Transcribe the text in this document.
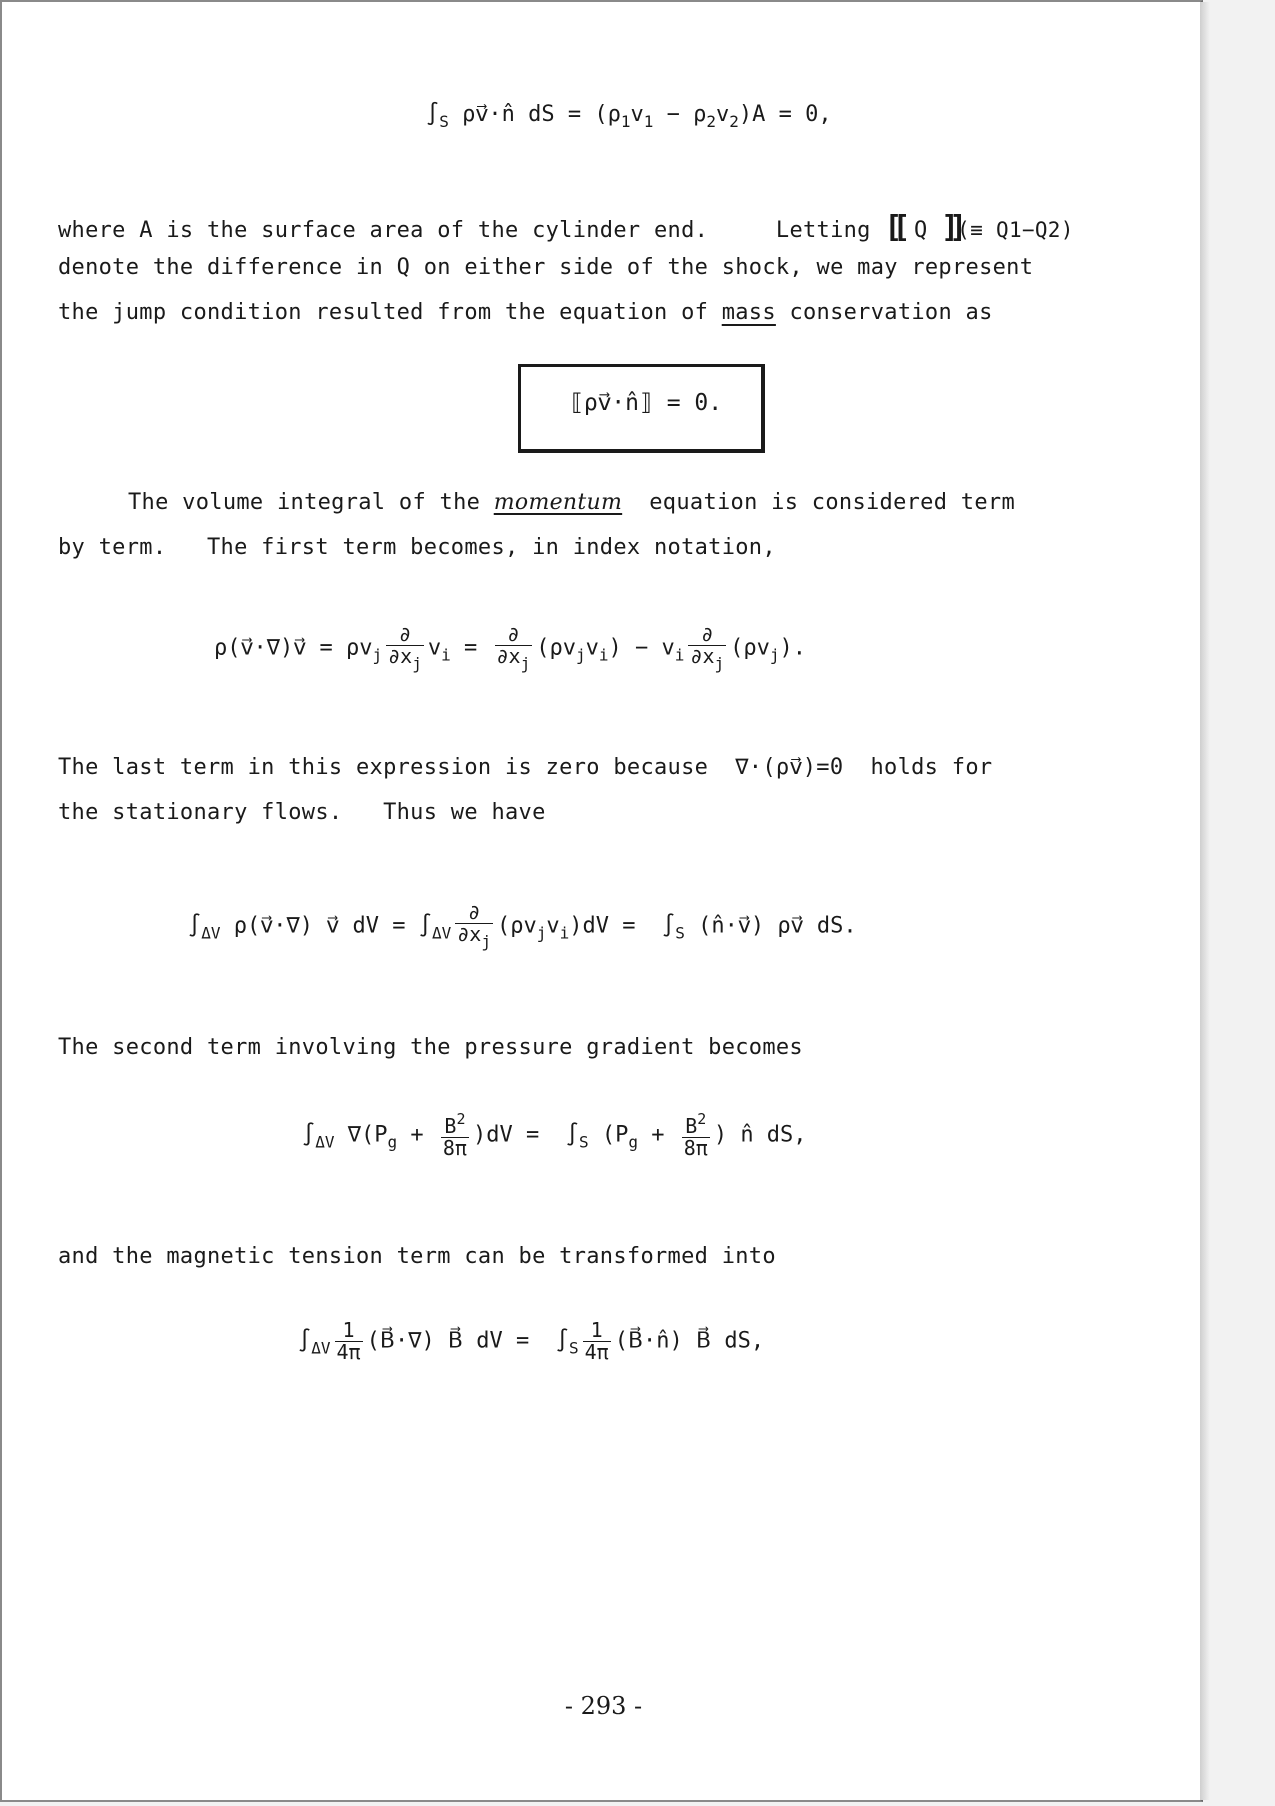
$\int_S$ ρv⃗·n̂ dS = $(\rho_1v_1 - \rho_2v_2)A = 0$,
where A is the surface area of the cylinder end.	Letting [[ Q ]](≡ Q1−Q2)
denote the difference in Q on either side of the shock, we may represent
the jump condition resulted from the equation of mass conservation as
⟦ρv⃗·n̂⟧ = 0.
The volume integral of the momentum equation is considered term
by term.   The first term becomes, in index notation,
ρ(v⃗·∇)v⃗ = $\rho v_j \frac{\partial}{\partial x_j} v_i = \frac{\partial}{\partial x_j} (\rho v_jv_i) - v_i \frac{\partial}{\partial x_j} (\rho v_j)$.
The last term in this expression is zero because ∇·(ρv⃗)=0 holds for
the stationary flows.   Thus we have
$\int_{\Delta V}$ ρ(v⃗·∇) v⃗ dV = $\int_{\Delta V} \frac{\partial}{\partial x_j} (\rho v_jv_i)dV = \int_S$ (n̂·v⃗) ρv⃗ dS.
The second term involving the pressure gradient becomes
$\int_{\Delta V}$ $\nabla(P_g + \frac{B^2}{8\pi} )dV = \int_S$ ($P_g + \frac{B^2}{8\pi}$ ) n̂ dS,
and the magnetic tension term can be transformed into
$\int_{\Delta V} \frac{1}{4\pi}$ (B⃗·∇) B⃗ dV =  $\int_S \frac{1}{4\pi}$ (B⃗·n̂) B⃗ dS,
- 293 -
